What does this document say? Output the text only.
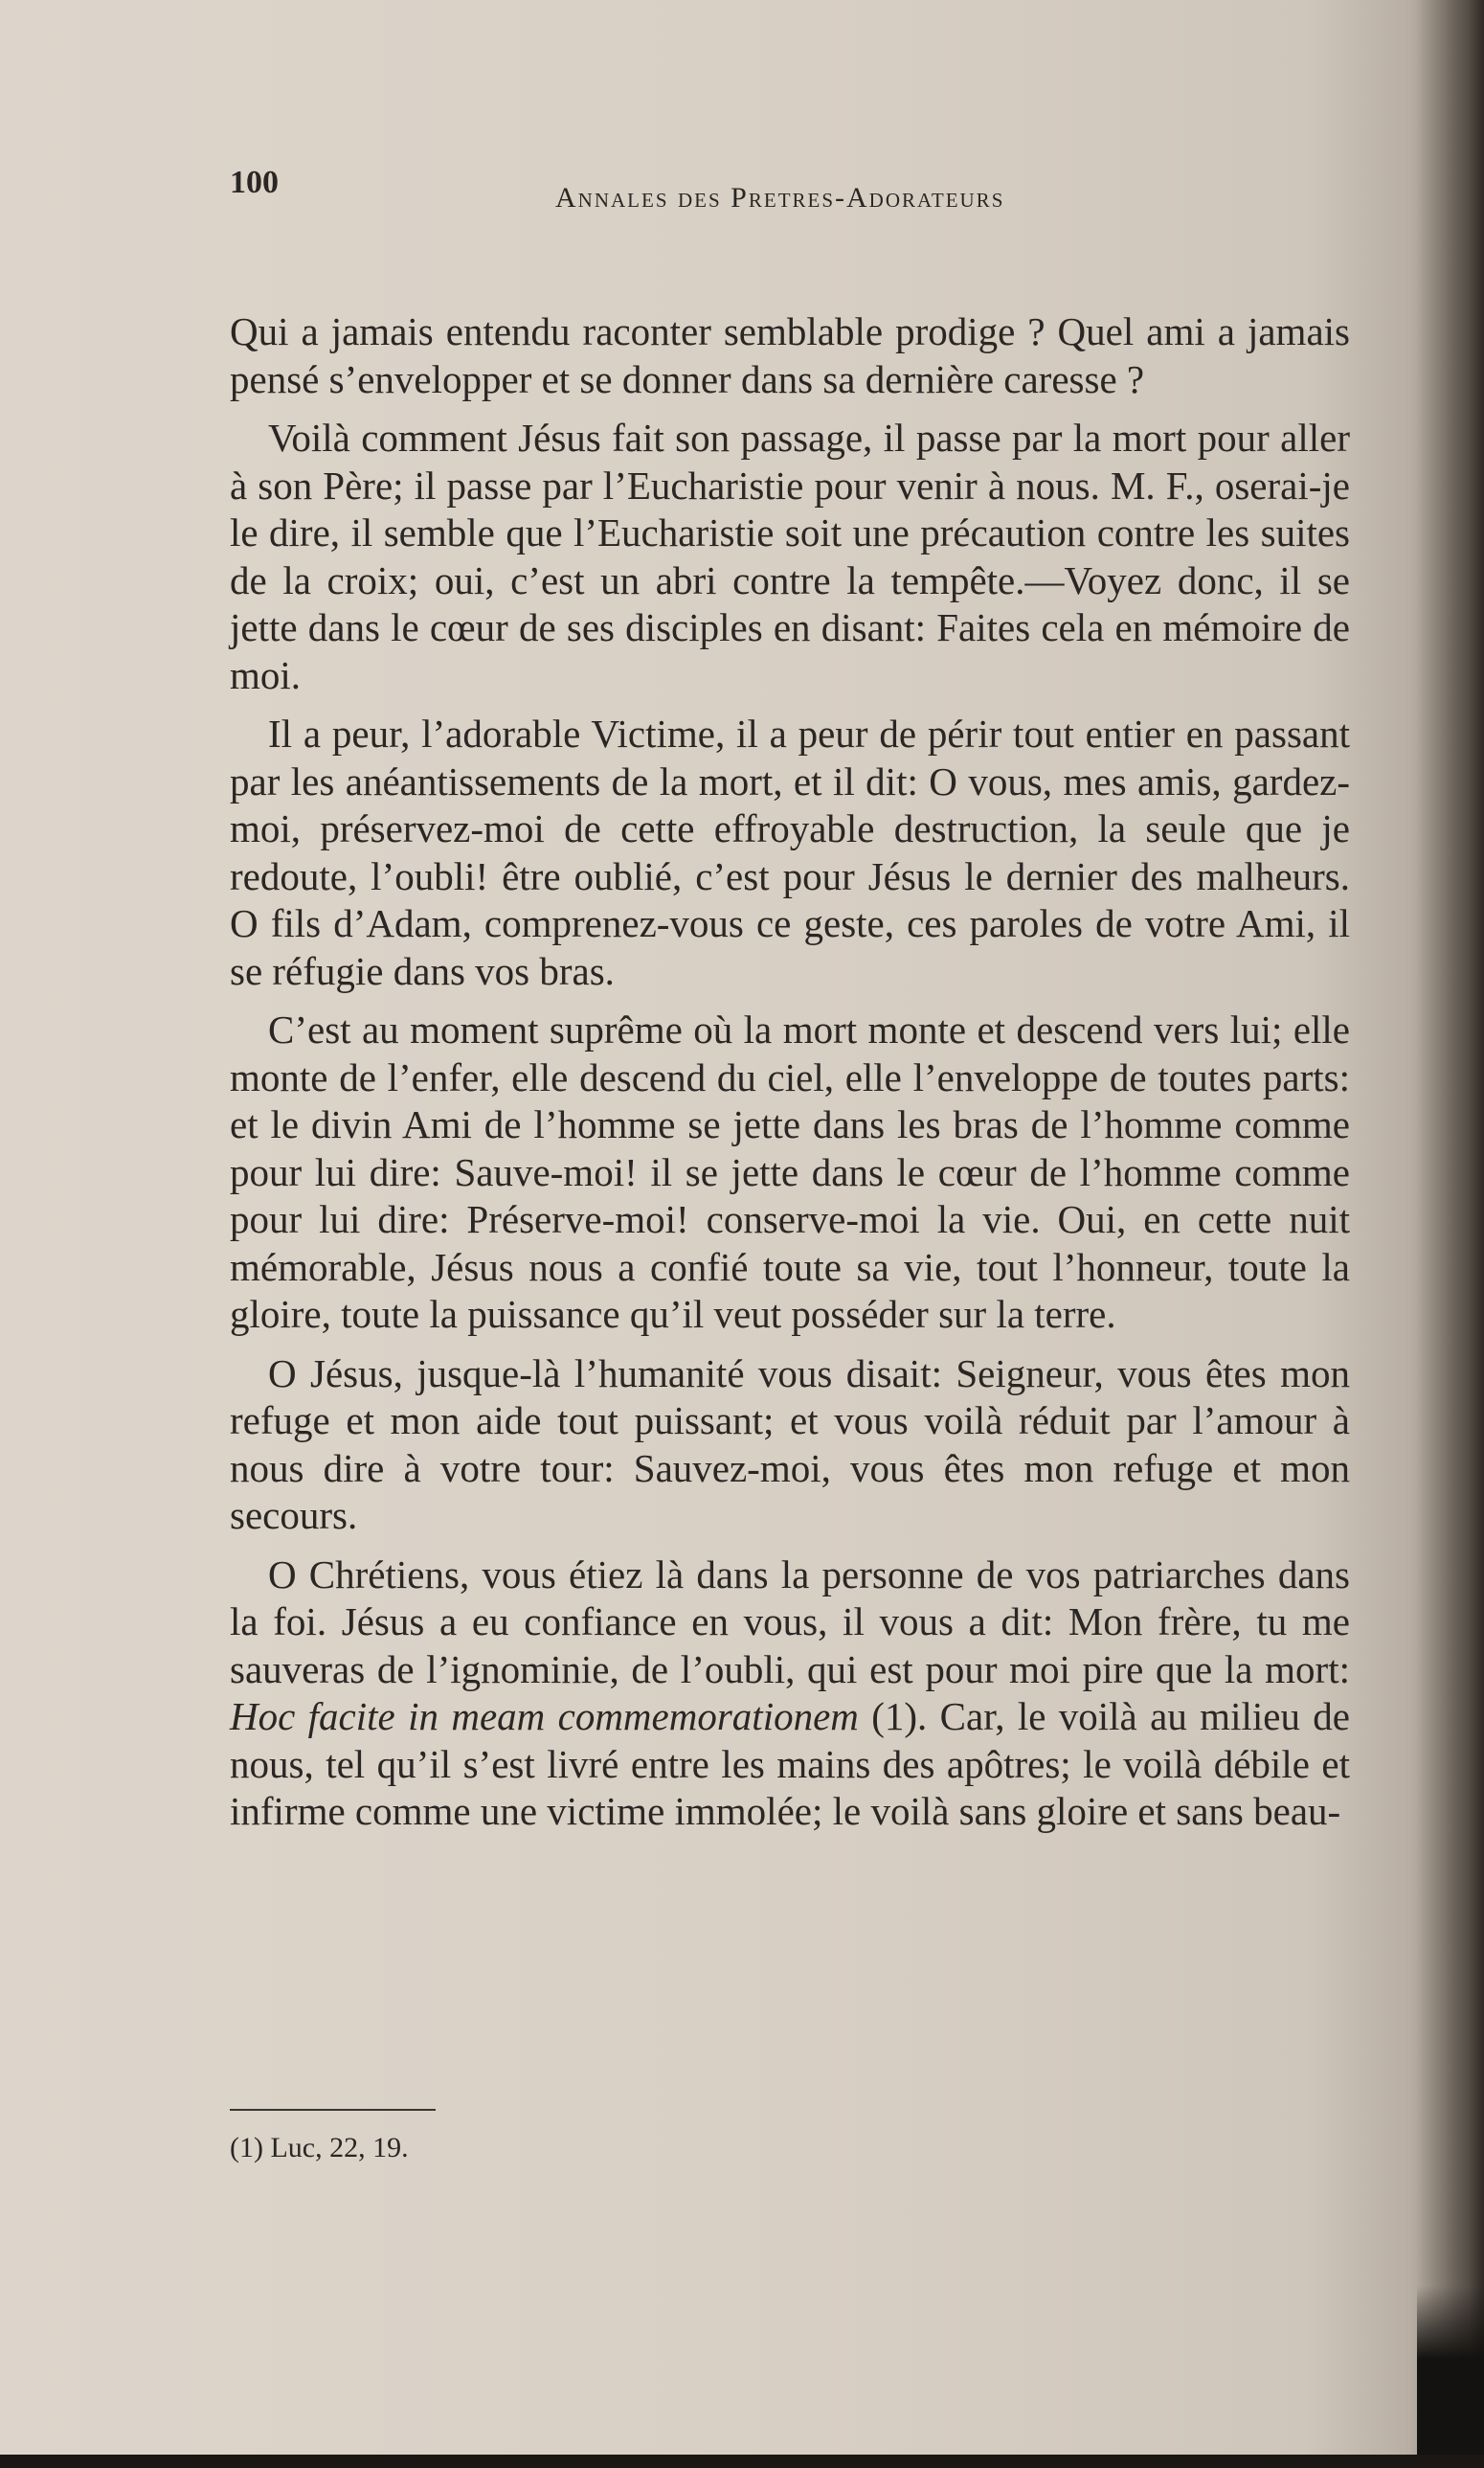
100	Annales des Pretres-Adorateurs

Qui a jamais entendu raconter semblable prodige ? Quel ami a jamais pensé s’envelopper et se donner dans sa dernière caresse ?

Voilà comment Jésus fait son passage, il passe par la mort pour aller à son Père; il passe par l’Eucharistie pour venir à nous. M. F., oserai-je le dire, il semble que l’Eucharistie soit une précaution contre les suites de la croix; oui, c’est un abri contre la tempête.—Voyez donc, il se jette dans le cœur de ses disciples en disant: Faites cela en mémoire de moi.

Il a peur, l’adorable Victime, il a peur de périr tout entier en passant par les anéantissements de la mort, et il dit: O vous, mes amis, gardez-moi, préservez-moi de cette effroyable destruction, la seule que je redoute, l’oubli! être oublié, c’est pour Jésus le dernier des malheurs. O fils d’Adam, comprenez-vous ce geste, ces paroles de votre Ami, il se réfugie dans vos bras.

C’est au moment suprême où la mort monte et descend vers lui; elle monte de l’enfer, elle descend du ciel, elle l’enveloppe de toutes parts: et le divin Ami de l’homme se jette dans les bras de l’homme comme pour lui dire: Sauve-moi! il se jette dans le cœur de l’homme comme pour lui dire: Préserve-moi! conserve-moi la vie. Oui, en cette nuit mémorable, Jésus nous a confié toute sa vie, tout l’honneur, toute la gloire, toute la puissance qu’il veut posséder sur la terre.

O Jésus, jusque-là l’humanité vous disait: Seigneur, vous êtes mon refuge et mon aide tout puissant; et vous voilà réduit par l’amour à nous dire à votre tour: Sauvez-moi, vous êtes mon refuge et mon secours.

O Chrétiens, vous étiez là dans la personne de vos patriarches dans la foi. Jésus a eu confiance en vous, il vous a dit: Mon frère, tu me sauveras de l’ignominie, de l’oubli, qui est pour moi pire que la mort: Hoc facite in meam commemorationem (1). Car, le voilà au milieu de nous, tel qu’il s’est livré entre les mains des apôtres; le voilà débile et infirme comme une victime immolée; le voilà sans gloire et sans beau-

(1) Luc, 22, 19.
